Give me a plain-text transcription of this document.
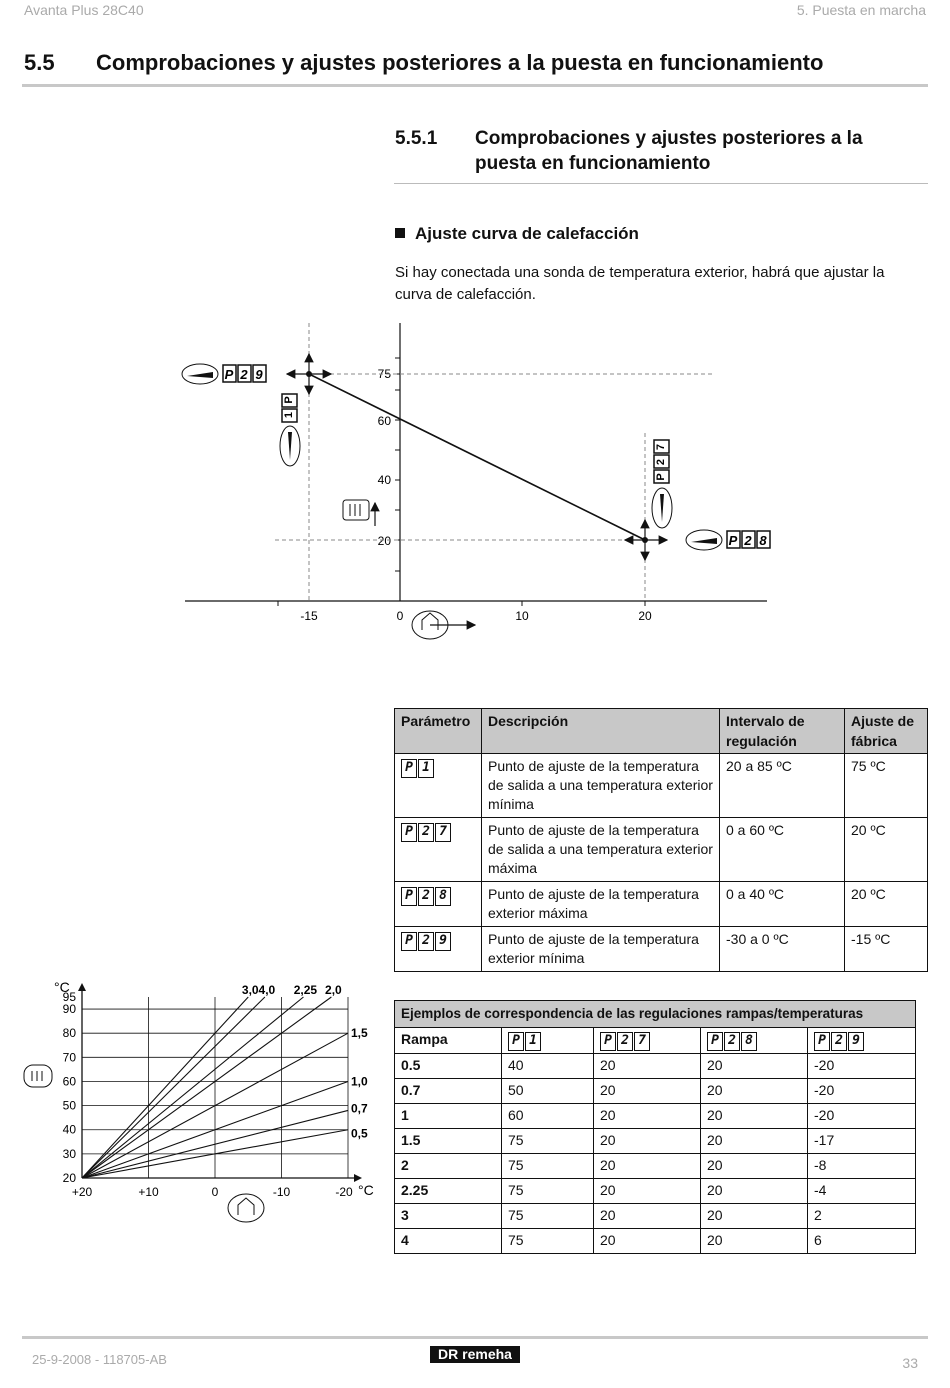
Avanta Plus 28C40	5. Puesta en marcha
5.5 Comprobaciones y ajustes posteriores a la puesta en funcionamiento
5.5.1 Comprobaciones y ajustes posteriores a la puesta en funcionamiento
Ajuste curva de calefacción
Si hay conectada una sonda de temperatura exterior, habrá que ajustar la curva de calefacción.
75
60
40
20
-15	0	10	20
P 2 9
1
P
7
2
P
P 2 8
Parámetro	Descripción	Intervalo de regulación	Ajuste de fábrica

P 1	Punto de ajuste de la temperatura de salida a una temperatura exterior mínima	20 a 85 ºC	75 ºC

P 2 7	Punto de ajuste de la temperatura de salida a una temperatura exterior máxima	0 a 60 ºC	20 ºC

P 2 8	Punto de ajuste de la temperatura exterior máxima	0 a 40 ºC	20 ºC

P 2 9	Punto de ajuste de la temperatura exterior mínima	-30 a 0 ºC	-15 ºC
+20	+10	0	-10	-20
95
90
80
70
60
50
40
30
20
4,0
3,0	2,25 2,0
1,5
1,0
0,7
0,5
°C
°C
Ejemplos de correspondencia de las regulaciones rampas/temperaturas				
Rampa	P 1	P 2 7	P 2 8	P 2 9

0.5	40	20	20	-20
0.7	50	20	20	-20
1	60	20	20	-20
1.5	75	20	20	-17
2	75	20	20	-8
2.25	75	20	20	-4
3	75	20	20	2
4	75	20	20	6
25-9-2008 - 118705-AB	DR remeha
33
